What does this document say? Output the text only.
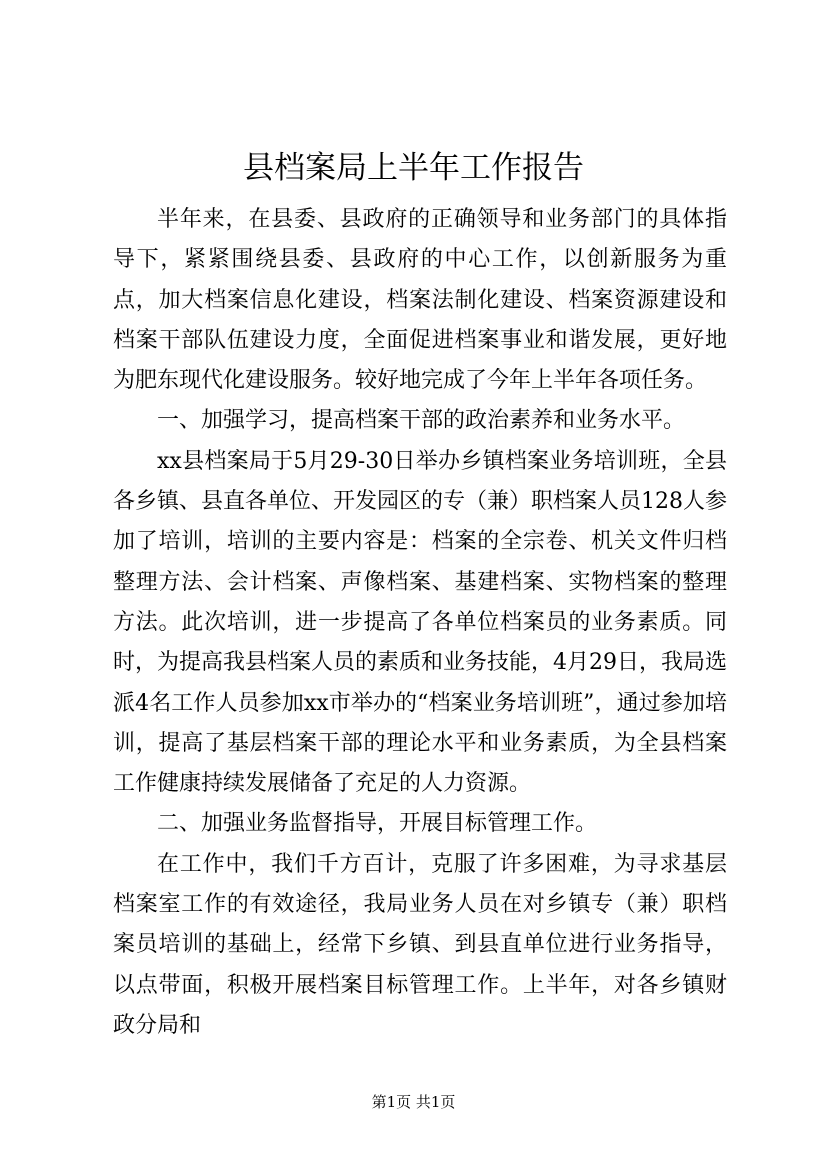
县档案局上半年工作报告

半年来，在县委、县政府的正确领导和业务部门的具体指导下，紧紧围绕县委、县政府的中心工作，以创新服务为重点，加大档案信息化建设，档案法制化建设、档案资源建设和档案干部队伍建设力度，全面促进档案事业和谐发展，更好地为肥东现代化建设服务。较好地完成了今年上半年各项任务。

一、加强学习，提高档案干部的政治素养和业务水平。

xx县档案局于5月29-30日举办乡镇档案业务培训班，全县各乡镇、县直各单位、开发园区的专（兼）职档案人员128人参加了培训，培训的主要内容是：档案的全宗卷、机关文件归档整理方法、会计档案、声像档案、基建档案、实物档案的整理方法。此次培训，进一步提高了各单位档案员的业务素质。同时，为提高我县档案人员的素质和业务技能，4月29日，我局选派4名工作人员参加xx市举办的“档案业务培训班”，通过参加培训，提高了基层档案干部的理论水平和业务素质，为全县档案工作健康持续发展储备了充足的人力资源。

二、加强业务监督指导，开展目标管理工作。

在工作中，我们千方百计，克服了许多困难，为寻求基层档案室工作的有效途径，我局业务人员在对乡镇专（兼）职档案员培训的基础上，经常下乡镇、到县直单位进行业务指导，以点带面，积极开展档案目标管理工作。上半年，对各乡镇财政分局和

第1页 共1页
